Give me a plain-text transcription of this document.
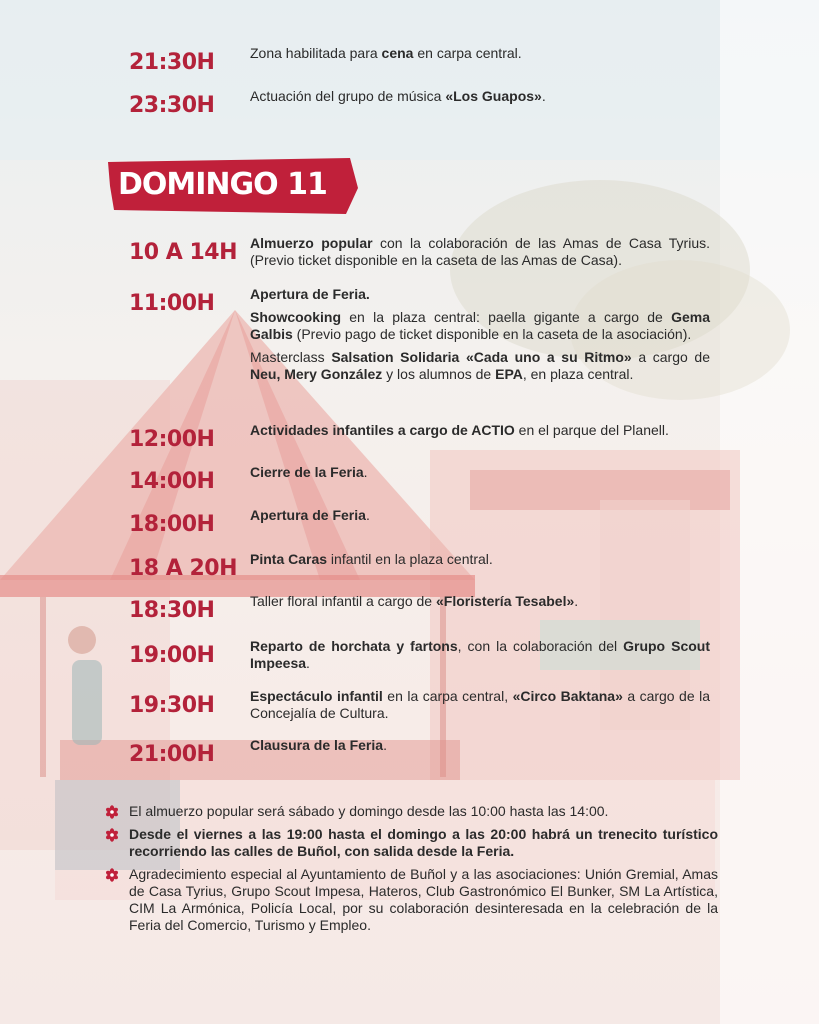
21:30H	Zona habilitada para cena en carpa central.
23:30H	Actuación del grupo de música «Los Guapos».
DOMINGO 11
10 A 14H Almuerzo popular con la colaboración de las Amas de Casa Tyrius. (Previo ticket disponible en la caseta de las Amas de Casa).
11:00H	Apertura de Feria.
Showcooking en la plaza central: paella gigante a cargo de Gema Galbis (Previo pago de ticket disponible en la caseta de la asociación).
Masterclass Salsation Solidaria «Cada uno a su Ritmo» a cargo de Neu, Mery González y los alumnos de EPA, en plaza central.
12:00H	Actividades infantiles a cargo de ACTIO en el parque del Planell.
14:00H	Cierre de la Feria.
18:00H	Apertura de Feria.
18 A 20H Pinta Caras infantil en la plaza central.
18:30H	Taller floral infantil a cargo de «Floristería Tesabel».
19:00H	Reparto de horchata y fartons, con la colaboración del Grupo Scout Impeesa.
19:30H	Espectáculo infantil en la carpa central, «Circo Baktana» a cargo de la Concejalía de Cultura.
21:00H	Clausura de la Feria.
El almuerzo popular será sábado y domingo desde las 10:00 hasta las 14:00.
Desde el viernes a las 19:00 hasta el domingo a las 20:00 habrá un trenecito turístico recorriendo las calles de Buñol, con salida desde la Feria.
Agradecimiento especial al Ayuntamiento de Buñol y a las asociaciones: Unión Gremial, Amas de Casa Tyrius, Grupo Scout Impesa, Hateros, Club Gastronómico El Bunker, SM La Artística, CIM La Armónica, Policía Local, por su colaboración desinteresada en la celebración de la Feria del Comercio, Turismo y Empleo.
